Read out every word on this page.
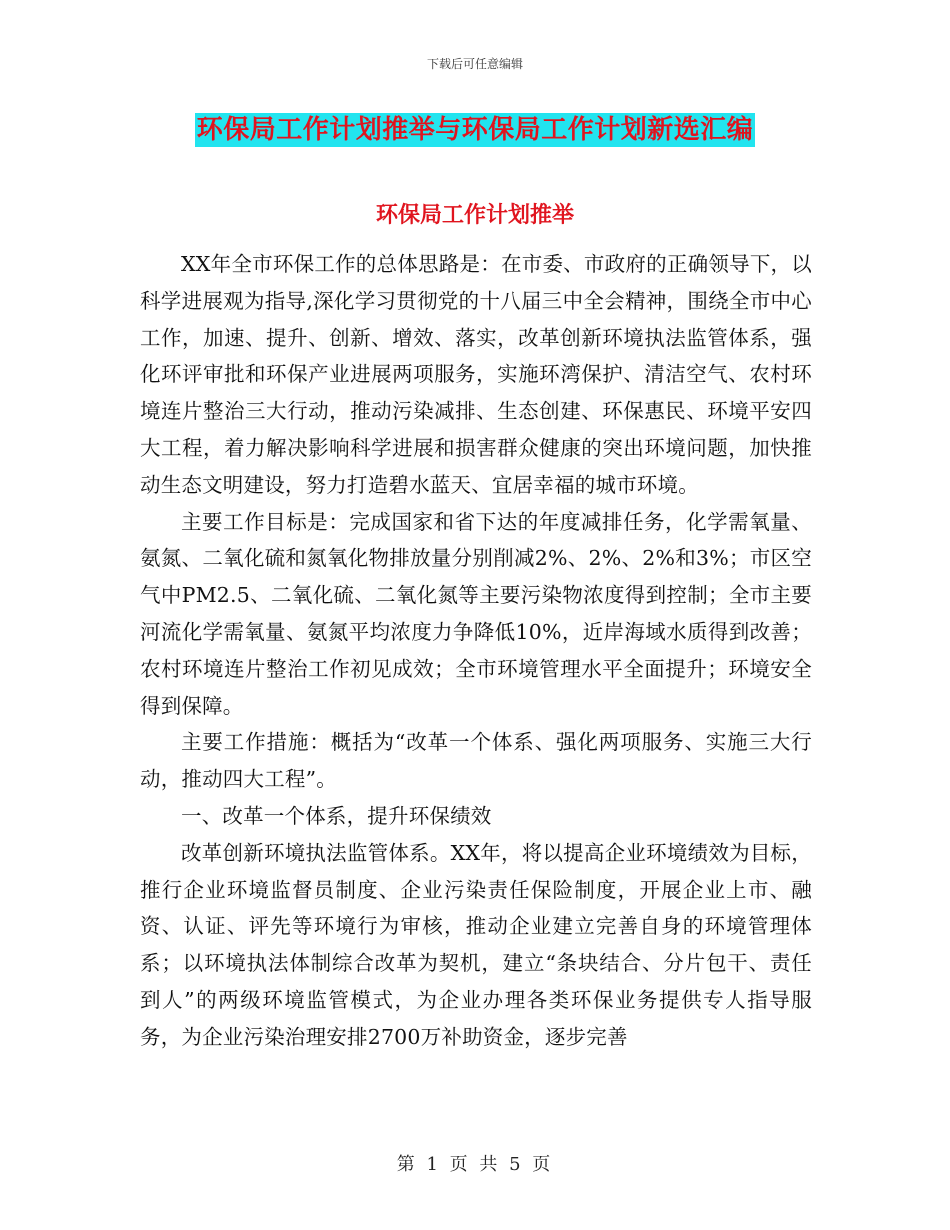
下载后可任意编辑
环保局工作计划推举与环保局工作计划新选汇编
环保局工作计划推举

XX年全市环保工作的总体思路是：在市委、市政府的正确领导下，以科学进展观为指导,深化学习贯彻党的十八届三中全会精神，围绕全市中心工作，加速、提升、创新、增效、落实，改革创新环境执法监管体系，强化环评审批和环保产业进展两项服务，实施环湾保护、清洁空气、农村环境连片整治三大行动，推动污染减排、生态创建、环保惠民、环境平安四大工程，着力解决影响科学进展和损害群众健康的突出环境问题，加快推动生态文明建设，努力打造碧水蓝天、宜居幸福的城市环境。

主要工作目标是：完成国家和省下达的年度减排任务，化学需氧量、氨氮、二氧化硫和氮氧化物排放量分别削减2%、2%、2%和3%；市区空气中PM2.5、二氧化硫、二氧化氮等主要污染物浓度得到控制；全市主要河流化学需氧量、氨氮平均浓度力争降低10%，近岸海域水质得到改善；农村环境连片整治工作初见成效；全市环境管理水平全面提升；环境安全得到保障。

主要工作措施：概括为“改革一个体系、强化两项服务、实施三大行动，推动四大工程”。

一、改革一个体系，提升环保绩效

改革创新环境执法监管体系。XX年，将以提高企业环境绩效为目标，推行企业环境监督员制度、企业污染责任保险制度，开展企业上市、融资、认证、评先等环境行为审核，推动企业建立完善自身的环境管理体系；以环境执法体制综合改革为契机，建立“条块结合、分片包干、责任到人”的两级环境监管模式，为企业办理各类环保业务提供专人指导服务，为企业污染治理安排2700万补助资金，逐步完善

第 1 页 共 5 页
